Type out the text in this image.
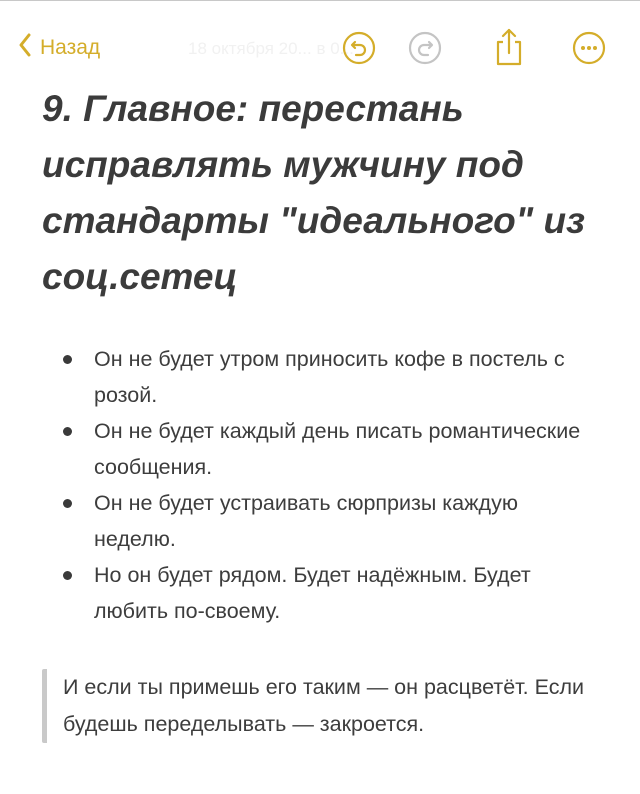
Назад	18 октября 20... в 0...
9. Главное: перестань исправлять мужчину под стандарты "идеального" из соц.сетец
Он не будет утром приносить кофе в постель с розой.
Он не будет каждый день писать романтические сообщения.
Он не будет устраивать сюрпризы каждую неделю.
Но он будет рядом. Будет надёжным. Будет любить по-своему.
И если ты примешь его таким — он расцветёт. Если будешь переделывать — закроется.
